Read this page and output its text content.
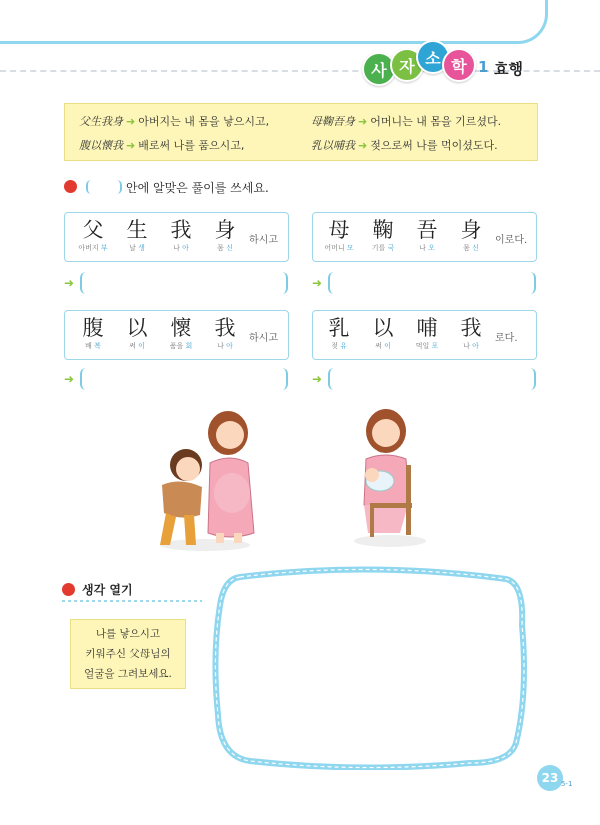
사 자 소 학 1 효행
父生我身 ➜ 아버지는 내 몸을 낳으시고,	母鞠吾身 ➜ 어머니는 내 몸을 기르셨다.
腹以懷我 ➜ 배로써 나를 품으시고,	乳以哺我 ➜ 젖으로써 나를 먹이셨도다.
안에 알맞은 풀이를 쓰세요.
父
아버지 부
生
날 생
我
나 아
身
몸 신
하시고
➜
母
어머니 모
鞠
기를 국
吾
나 오
身
몸 신
이로다.
➜
腹
배 복
以
써 이
懷
품을 회
我
나 아
하시고
➜
乳
젖 유
以
써 이
哺
먹일 포
我
나 아
로다.
➜
생각 열기
나를 낳으시고
키워주신 父母님의
얼굴을 그려보세요.
23 5-1
